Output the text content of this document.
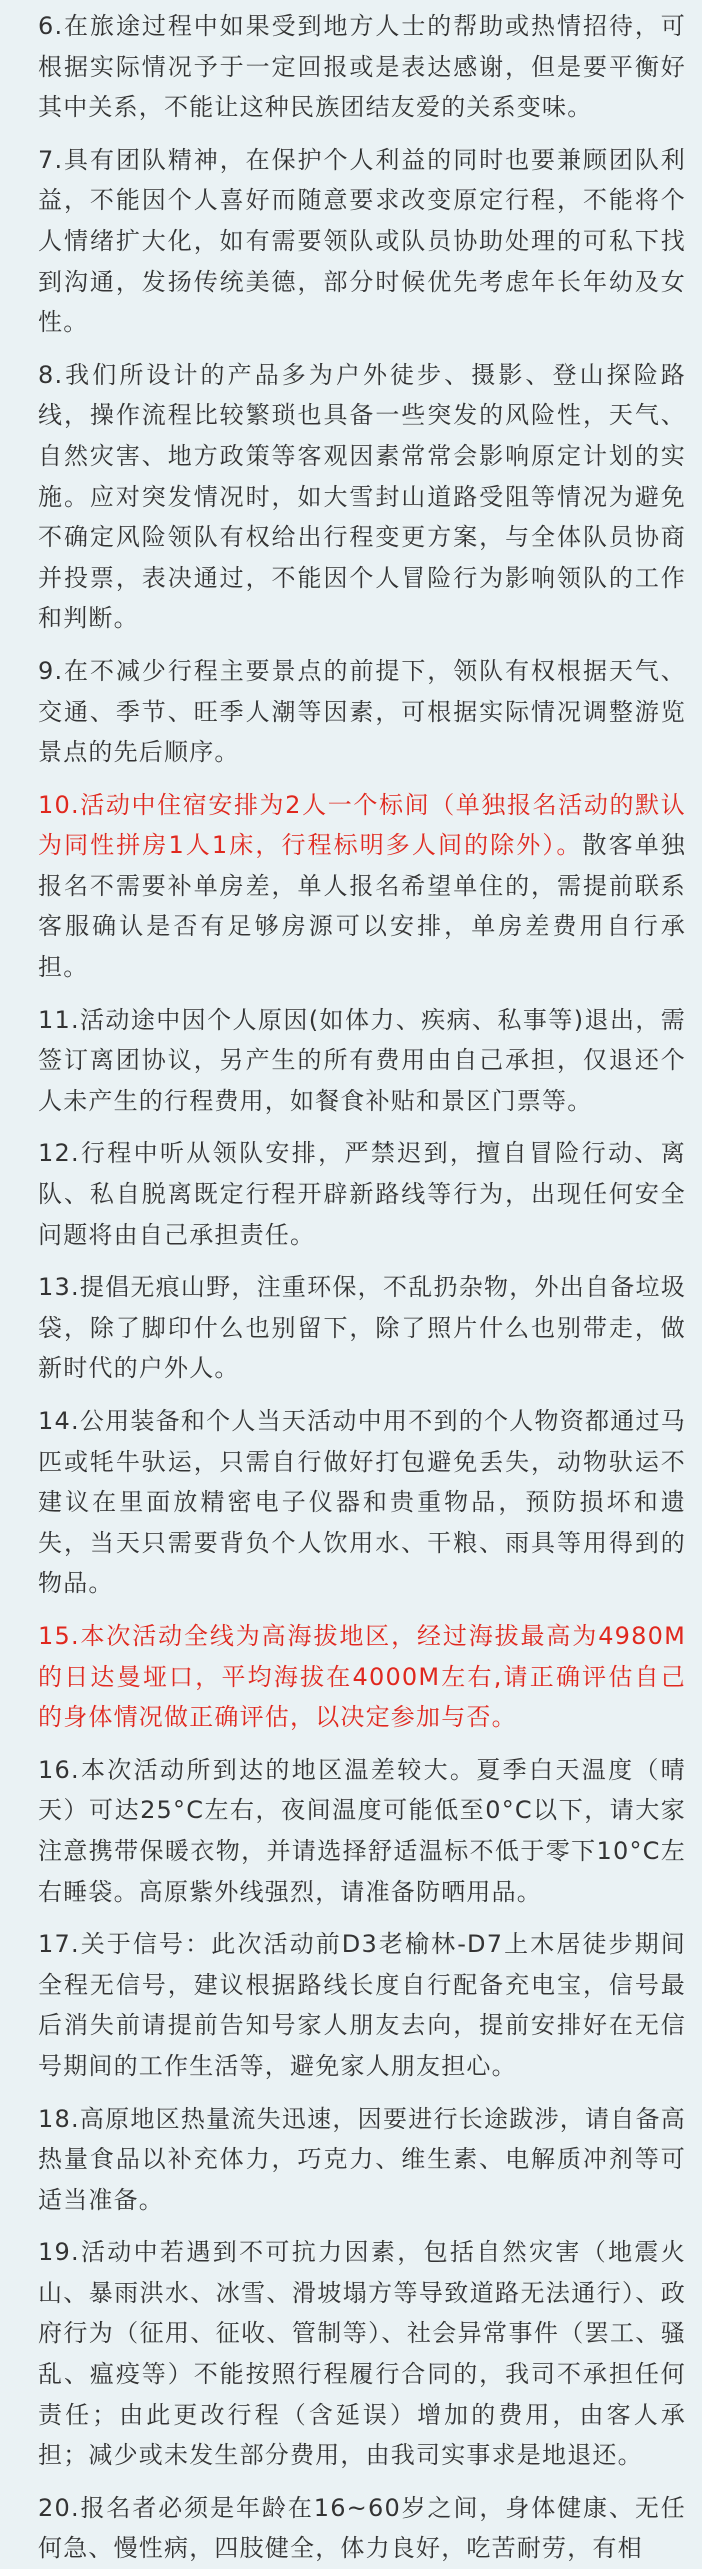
6.在旅途过程中如果受到地方人士的帮助或热情招待，可根据实际情况予于一定回报或是表达感谢，但是要平衡好其中关系，不能让这种民族团结友爱的关系变味。

7.具有团队精神，在保护个人利益的同时也要兼顾团队利益，不能因个人喜好而随意要求改变原定行程，不能将个人情绪扩大化，如有需要领队或队员协助处理的可私下找到沟通，发扬传统美德，部分时候优先考虑年长年幼及女性。

8.我们所设计的产品多为户外徒步、摄影、登山探险路线，操作流程比较繁琐也具备一些突发的风险性，天气、自然灾害、地方政策等客观因素常常会影响原定计划的实施。应对突发情况时，如大雪封山道路受阻等情况为避免不确定风险领队有权给出行程变更方案，与全体队员协商并投票，表决通过，不能因个人冒险行为影响领队的工作和判断。

9.在不减少行程主要景点的前提下，领队有权根据天气、交通、季节、旺季人潮等因素，可根据实际情况调整游览景点的先后顺序。

10.活动中住宿安排为2人一个标间（单独报名活动的默认为同性拼房1人1床，行程标明多人间的除外）。散客单独报名不需要补单房差，单人报名希望单住的，需提前联系客服确认是否有足够房源可以安排，单房差费用自行承担。

11.活动途中因个人原因(如体力、疾病、私事等)退出，需签订离团协议，另产生的所有费用由自己承担，仅退还个人未产生的行程费用，如餐食补贴和景区门票等。

12.行程中听从领队安排，严禁迟到，擅自冒险行动、离队、私自脱离既定行程开辟新路线等行为，出现任何安全问题将由自己承担责任。

13.提倡无痕山野，注重环保，不乱扔杂物，外出自备垃圾袋，除了脚印什么也别留下，除了照片什么也别带走，做新时代的户外人。

14.公用装备和个人当天活动中用不到的个人物资都通过马匹或牦牛驮运，只需自行做好打包避免丢失，动物驮运不建议在里面放精密电子仪器和贵重物品，预防损坏和遗失，当天只需要背负个人饮用水、干粮、雨具等用得到的物品。

15.本次活动全线为高海拔地区，经过海拔最高为4980M的日达曼垭口，平均海拔在4000M左右,请正确评估自己的身体情况做正确评估，以决定参加与否。

16.本次活动所到达的地区温差较大。夏季白天温度（晴天）可达25°C左右，夜间温度可能低至0°C以下，请大家注意携带保暖衣物，并请选择舒适温标不低于零下10°C左右睡袋。高原紫外线强烈，请准备防晒用品。

17.关于信号：此次活动前D3老榆林-D7上木居徒步期间全程无信号，建议根据路线长度自行配备充电宝，信号最后消失前请提前告知号家人朋友去向，提前安排好在无信号期间的工作生活等，避免家人朋友担心。

18.高原地区热量流失迅速，因要进行长途跋涉，请自备高热量食品以补充体力，巧克力、维生素、电解质冲剂等可适当准备。

19.活动中若遇到不可抗力因素，包括自然灾害（地震火山、暴雨洪水、冰雪、滑坡塌方等导致道路无法通行）、政府行为（征用、征收、管制等）、社会异常事件（罢工、骚乱、瘟疫等）不能按照行程履行合同的，我司不承担任何责任；由此更改行程（含延误）增加的费用，由客人承担；减少或未发生部分费用，由我司实事求是地退还。

20.报名者必须是年龄在16~60岁之间，身体健康、无任何急、慢性病，四肢健全，体力良好，吃苦耐劳，有相
